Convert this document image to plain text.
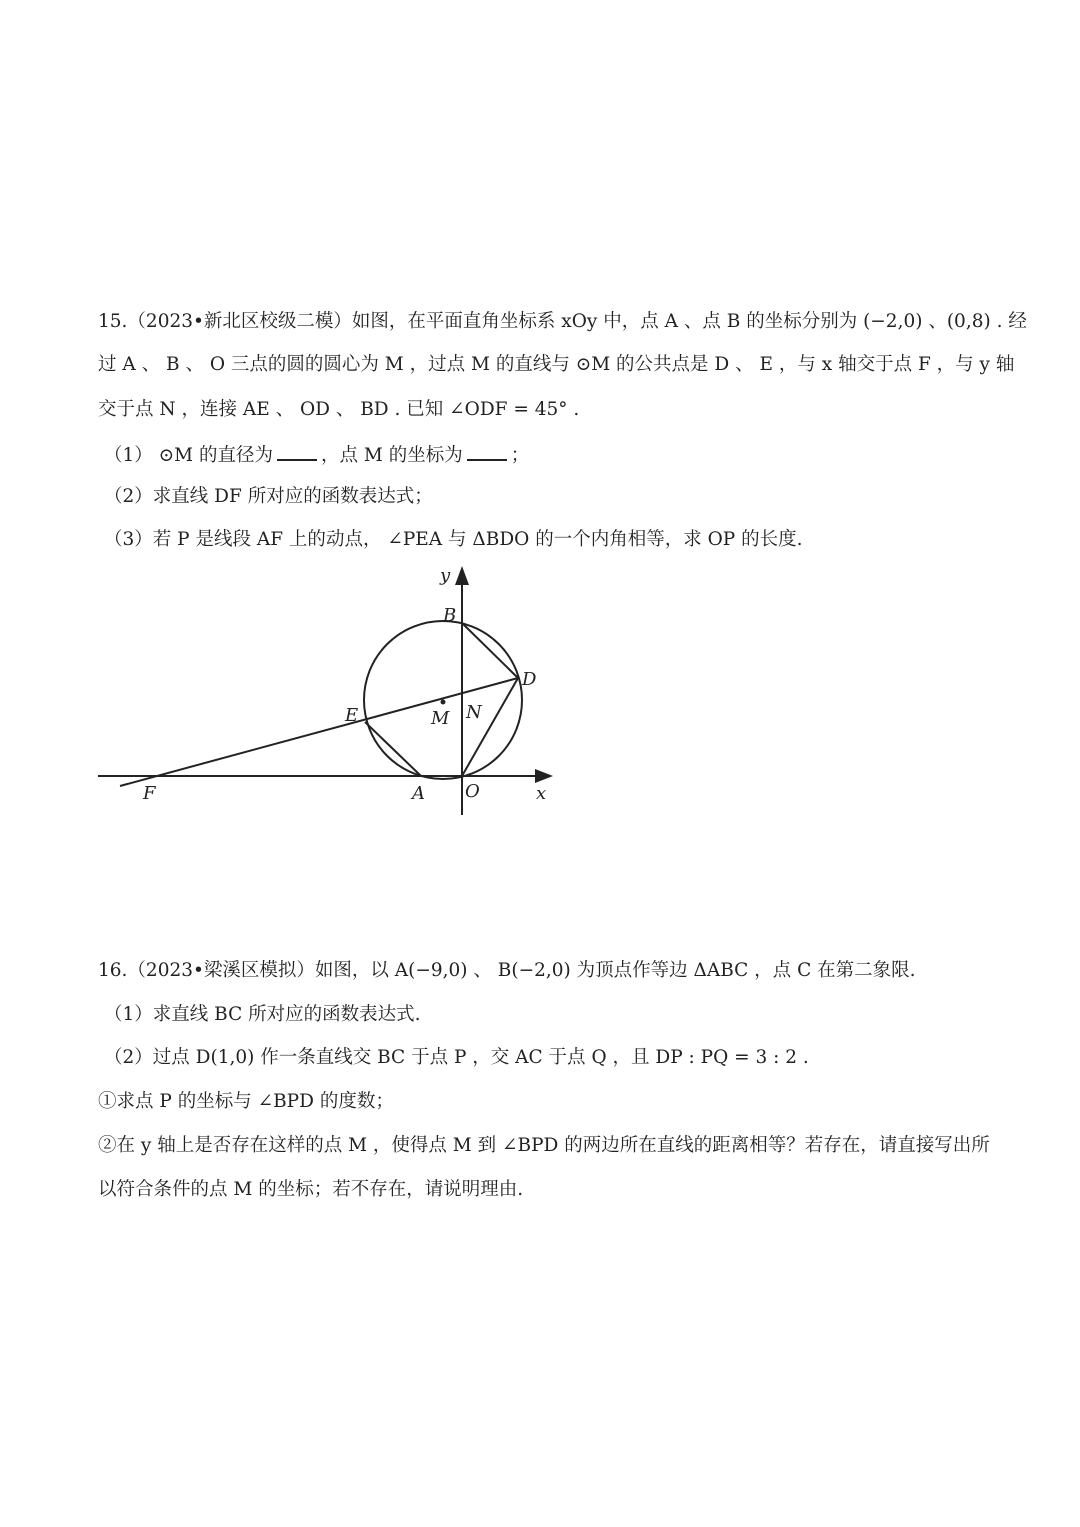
15.（2023•新北区校级二模）如图，在平面直角坐标系 xOy 中，点 A 、点 B 的坐标分别为 (−2,0) 、(0,8) . 经
过 A 、 B 、 O 三点的圆的圆心为 M ，过点 M 的直线与 ⊙M 的公共点是 D 、 E ，与 x 轴交于点 F ，与 y 轴
交于点 N ，连接 AE 、 OD 、 BD . 已知 ∠ODF = 45° .
（1） ⊙M 的直径为	，点 M 的坐标为	；
（2）求直线 DF 所对应的函数表达式；
（3）若 P 是线段 AF 上的动点， ∠PEA 与 ΔBDO 的一个内角相等，求 OP 的长度.
y
B
D
E	M N
F	A O	x
16.（2023•梁溪区模拟）如图，以 A(−9,0) 、 B(−2,0) 为顶点作等边 ΔABC ，点 C 在第二象限.
（1）求直线 BC 所对应的函数表达式.
（2）过点 D(1,0) 作一条直线交 BC 于点 P ，交 AC 于点 Q ，且 DP : PQ = 3 : 2 .
①求点 P 的坐标与 ∠BPD 的度数；
②在 y 轴上是否存在这样的点 M ，使得点 M 到 ∠BPD 的两边所在直线的距离相等？若存在，请直接写出所
以符合条件的点 M 的坐标；若不存在，请说明理由.
